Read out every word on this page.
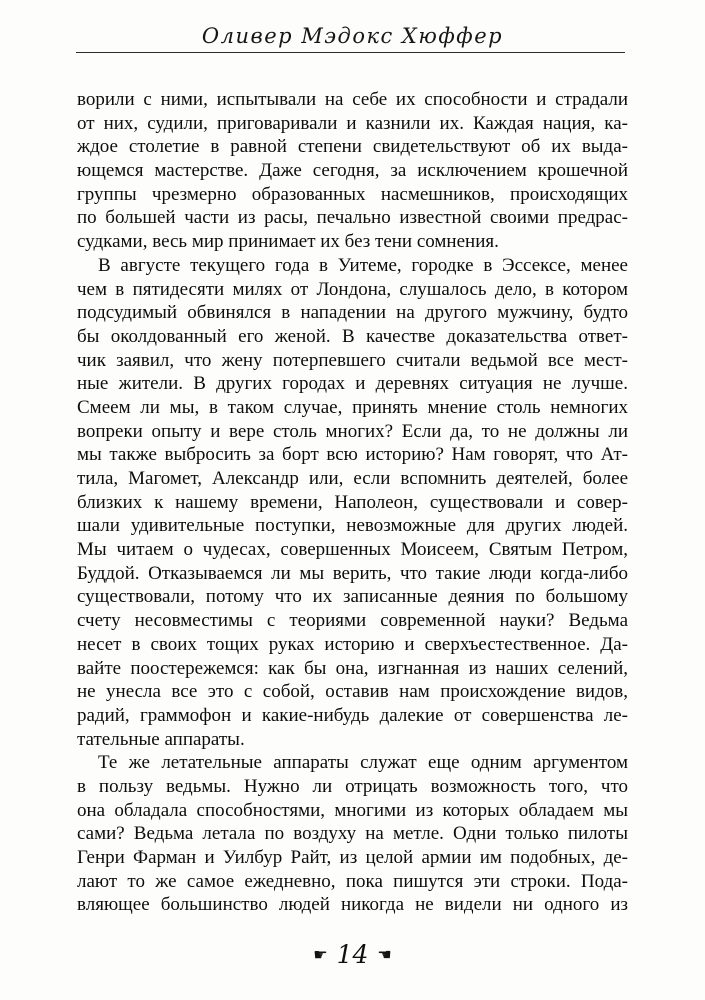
Оливер Мэдокс Хюффер
ворили с ними, испытывали на себе их способности и страдали
от них, судили, приговаривали и казнили их. Каждая нация, ка-
ждое столетие в равной степени свидетельствуют об их выда-
ющемся мастерстве. Даже сегодня, за исключением крошечной
группы чрезмерно образованных насмешников, происходящих
по большей части из расы, печально известной своими предрас-
судками, весь мир принимает их без тени сомнения.
В августе текущего года в Уитеме, городке в Эссексе, менее
чем в пятидесяти милях от Лондона, слушалось дело, в котором
подсудимый обвинялся в нападении на другого мужчину, будто
бы околдованный его женой. В качестве доказательства ответ-
чик заявил, что жену потерпевшего считали ведьмой все мест-
ные жители. В других городах и деревнях ситуация не лучше.
Смеем ли мы, в таком случае, принять мнение столь немногих
вопреки опыту и вере столь многих? Если да, то не должны ли
мы также выбросить за борт всю историю? Нам говорят, что Ат-
тила, Магомет, Александр или, если вспомнить деятелей, более
близких к нашему времени, Наполеон, существовали и совер-
шали удивительные поступки, невозможные для других людей.
Мы читаем о чудесах, совершенных Моисеем, Святым Петром,
Буддой. Отказываемся ли мы верить, что такие люди когда-либо
существовали, потому что их записанные деяния по большому
счету несовместимы с теориями современной науки? Ведьма
несет в своих тощих руках историю и сверхъестественное. Да-
вайте поостережемся: как бы она, изгнанная из наших селений,
не унесла все это с собой, оставив нам происхождение видов,
радий, граммофон и какие-нибудь далекие от совершенства ле-
тательные аппараты.
Те же летательные аппараты служат еще одним аргументом
в пользу ведьмы. Нужно ли отрицать возможность того, что
она обладала способностями, многими из которых обладаем мы
сами? Ведьма летала по воздуху на метле. Одни только пилоты
Генри Фарман и Уилбур Райт, из целой армии им подобных, де-
лают то же самое ежедневно, пока пишутся эти строки. Пода-
вляющее большинство людей никогда не видели ни одного из
☛ 14 ☚
